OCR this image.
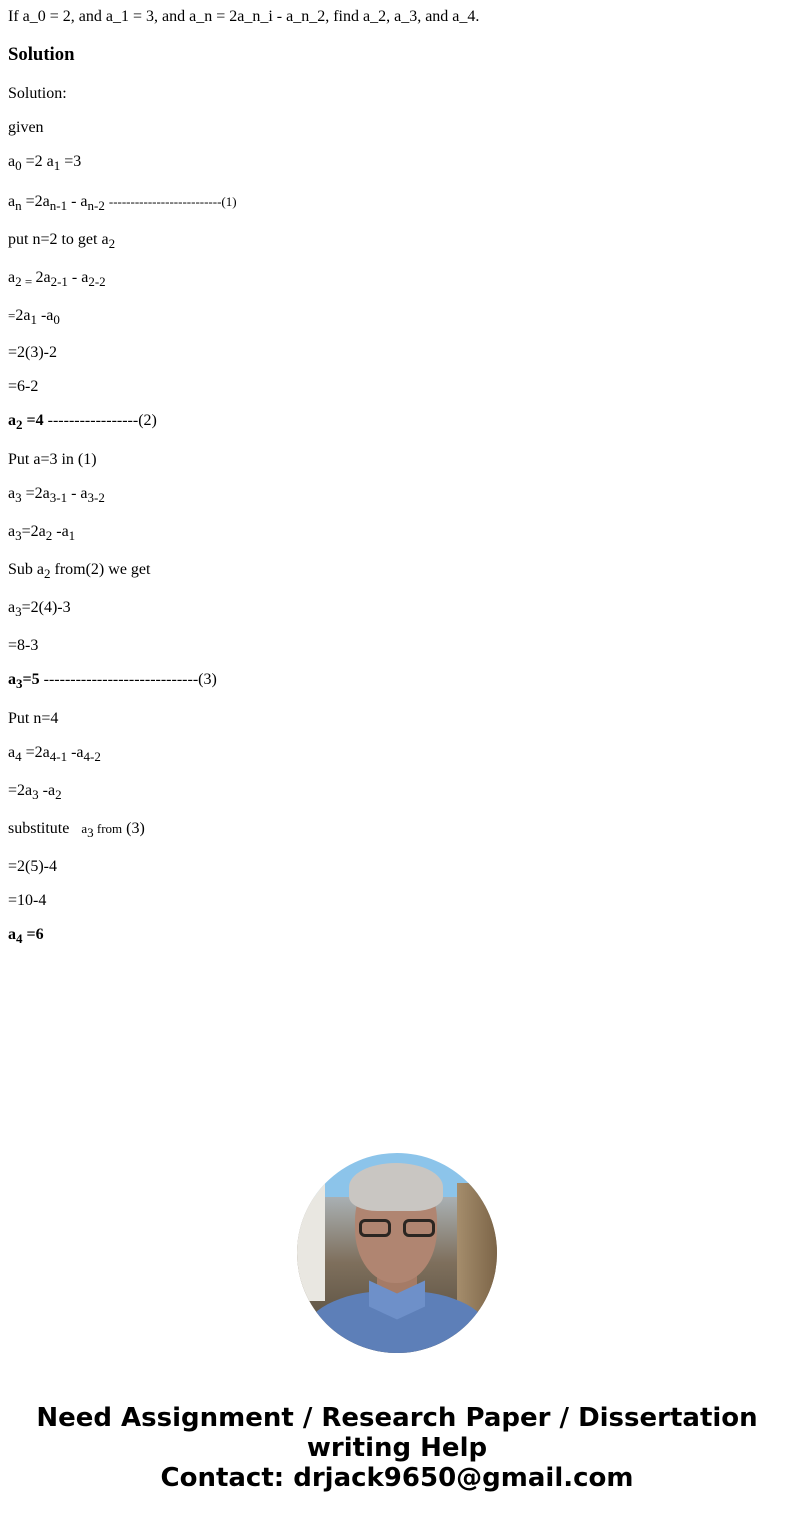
If a_0 = 2, and a_1 = 3, and a_n = 2a_n_i - a_n_2, find a_2, a_3, and a_4.

Solution

Solution:

given

$a_0 =2$ $a_1 =3$

$a_n =2a_{n-1} - a_{n-2}$ --------------------------(1)

put n=2 to get $a_2$

$a_{2 =}$ $2a_{2-1} - a_{2-2}$

$=2a_1$ $-a_0$

=2(3)-2

=6-2

$a_2 =4$ -----------------(2)

Put a=3 in (1)

$a_3 =2a_{3-1} - a_{3-2}$

$a_3=2a_2$ $-a_1$

Sub $a_2$ from(2) we get

$a_3=2(4)-3$

=8-3

$a_3=5$ -----------------------------(3)

Put n=4

$a_4 =2a_{4-1}$ $-a_{4-2}$

$=2a_3$ $-a_2$

substitute   $a_3$ from (3)

=2(5)-4

=10-4

$a_4 =6$

Need Assignment / Research Paper / Dissertation
writing Help
Contact: drjack9650@gmail.com
